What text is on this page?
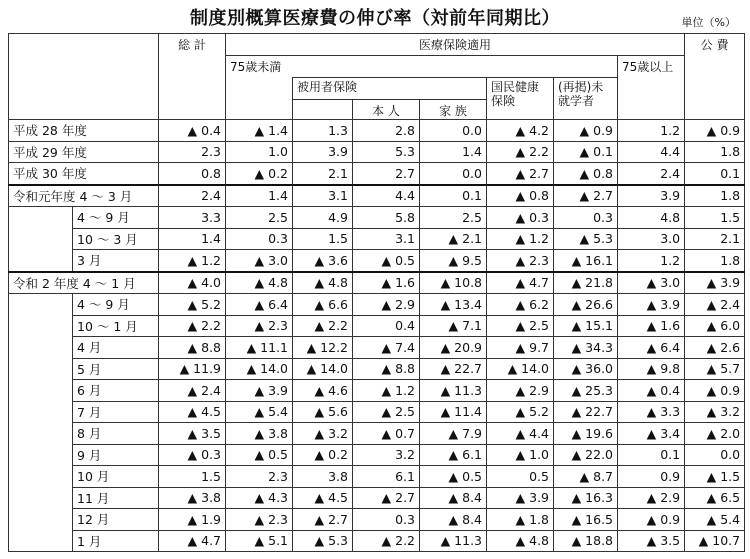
制度別概算医療費の伸び率（対前年同期比）	単位（%）
		総 計	医療保険適用							公 費
			75歳未満						75歳以上	
				被用者保険			国民健康保険	(再掲)未就学者		
					本 人	家 族				
平成 28 年度		▲ 0.4	▲ 1.4	1.3	2.8	0.0	▲ 4.2	▲ 0.9	1.2	▲ 0.9
平成 29 年度		2.3	1.0	3.9	5.3	1.4	▲ 2.2	▲ 0.1	4.4	1.8
平成 30 年度		0.8	▲ 0.2	2.1	2.7	0.0	▲ 2.7	▲ 0.8	2.4	0.1
令和元年度 4 ～ 3 月		2.4	1.4	3.1	4.4	0.1	▲ 0.8	▲ 2.7	3.9	1.8
	4 ～ 9 月	3.3	2.5	4.9	5.8	2.5	▲ 0.3	0.3	4.8	1.5
	10 ～ 3 月	1.4	0.3	1.5	3.1	▲ 2.1	▲ 1.2	▲ 5.3	3.0	2.1
	3 月	▲ 1.2	▲ 3.0	▲ 3.6	▲ 0.5	▲ 9.5	▲ 2.3	▲ 16.1	1.2	1.8
令和 2 年度 4 ～ 1 月		▲ 4.0	▲ 4.8	▲ 4.8	▲ 1.6	▲ 10.8	▲ 4.7	▲ 21.8	▲ 3.0	▲ 3.9
	4 ～ 9 月	▲ 5.2	▲ 6.4	▲ 6.6	▲ 2.9	▲ 13.4	▲ 6.2	▲ 26.6	▲ 3.9	▲ 2.4
	10 ～ 1 月	▲ 2.2	▲ 2.3	▲ 2.2	0.4	▲ 7.1	▲ 2.5	▲ 15.1	▲ 1.6	▲ 6.0
	4 月	▲ 8.8	▲ 11.1	▲ 12.2	▲ 7.4	▲ 20.9	▲ 9.7	▲ 34.3	▲ 6.4	▲ 2.6
	5 月	▲ 11.9	▲ 14.0	▲ 14.0	▲ 8.8	▲ 22.7	▲ 14.0	▲ 36.0	▲ 9.8	▲ 5.7
	6 月	▲ 2.4	▲ 3.9	▲ 4.6	▲ 1.2	▲ 11.3	▲ 2.9	▲ 25.3	▲ 0.4	▲ 0.9
	7 月	▲ 4.5	▲ 5.4	▲ 5.6	▲ 2.5	▲ 11.4	▲ 5.2	▲ 22.7	▲ 3.3	▲ 3.2
	8 月	▲ 3.5	▲ 3.8	▲ 3.2	▲ 0.7	▲ 7.9	▲ 4.4	▲ 19.6	▲ 3.4	▲ 2.0
	9 月	▲ 0.3	▲ 0.5	▲ 0.2	3.2	▲ 6.1	▲ 1.0	▲ 22.0	0.1	0.0
	10 月	1.5	2.3	3.8	6.1	▲ 0.5	0.5	▲ 8.7	0.9	▲ 1.5
	11 月	▲ 3.8	▲ 4.3	▲ 4.5	▲ 2.7	▲ 8.4	▲ 3.9	▲ 16.3	▲ 2.9	▲ 6.5
	12 月	▲ 1.9	▲ 2.3	▲ 2.7	0.3	▲ 8.4	▲ 1.8	▲ 16.5	▲ 0.9	▲ 5.4
	1 月	▲ 4.7	▲ 5.1	▲ 5.3	▲ 2.2	▲ 11.3	▲ 4.8	▲ 18.8	▲ 3.5	▲ 10.7
